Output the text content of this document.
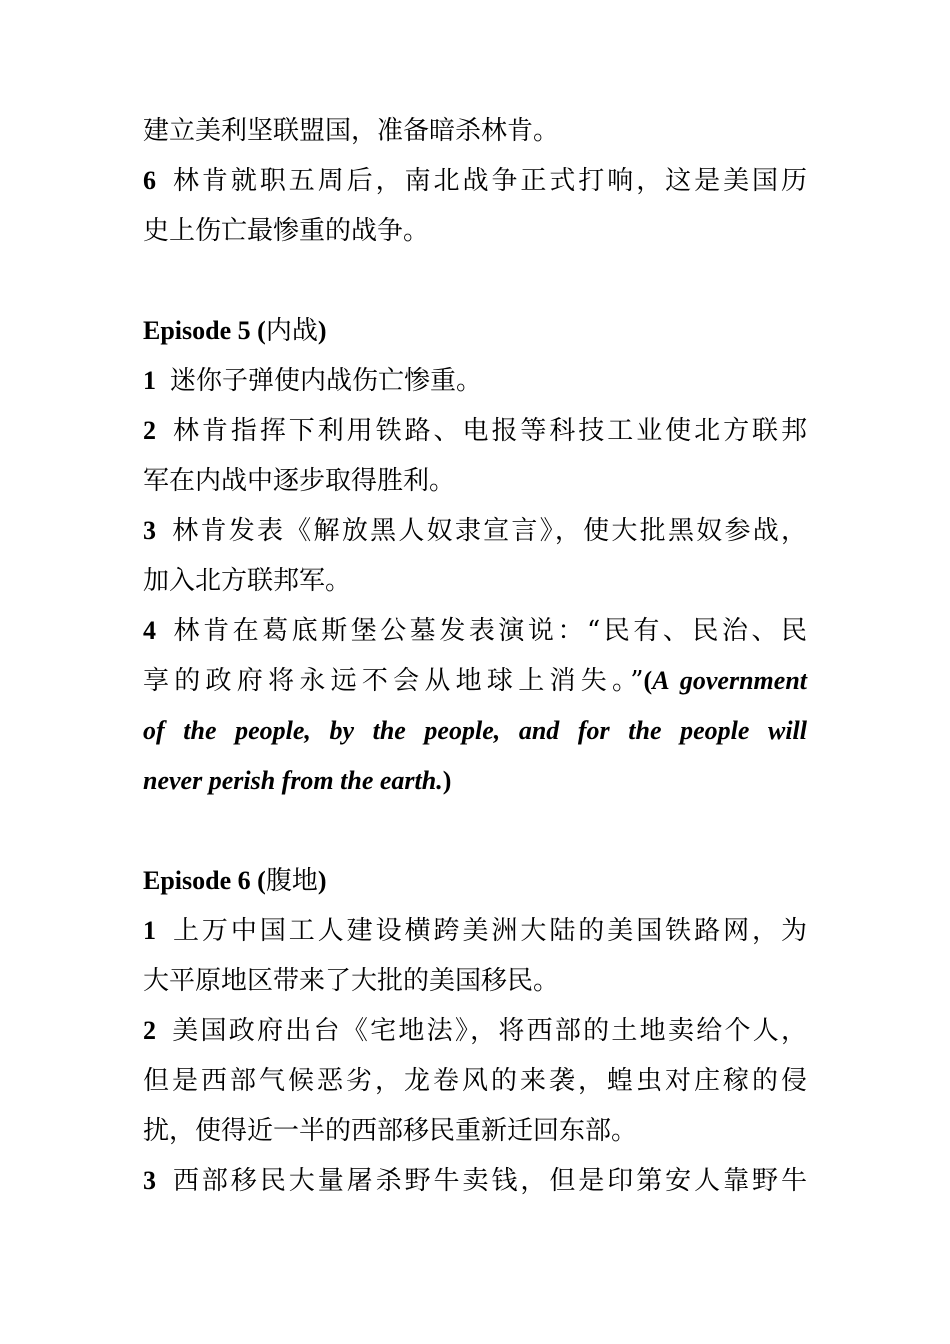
建立美利坚联盟国，准备暗杀林肯。
6 林肯就职五周后，南北战争正式打响，这是美国历
史上伤亡最惨重的战争。
Episode 5 (内战)
1 迷你子弹使内战伤亡惨重。
2 林肯指挥下利用铁路、电报等科技工业使北方联邦
军在内战中逐步取得胜利。
3 林肯发表《解放黑人奴隶宣言》，使大批黑奴参战，
加入北方联邦军。
4 林肯在葛底斯堡公墓发表演说：“民有、民治、民
享的政府将永远不会从地球上消失。”(A government
of the people, by the people, and for the people will
never perish from the earth.)
Episode 6 (腹地)
1 上万中国工人建设横跨美洲大陆的美国铁路网，为
大平原地区带来了大批的美国移民。
2 美国政府出台《宅地法》，将西部的土地卖给个人，
但是西部气候恶劣，龙卷风的来袭，蝗虫对庄稼的侵
扰，使得近一半的西部移民重新迁回东部。
3 西部移民大量屠杀野牛卖钱，但是印第安人靠野牛
